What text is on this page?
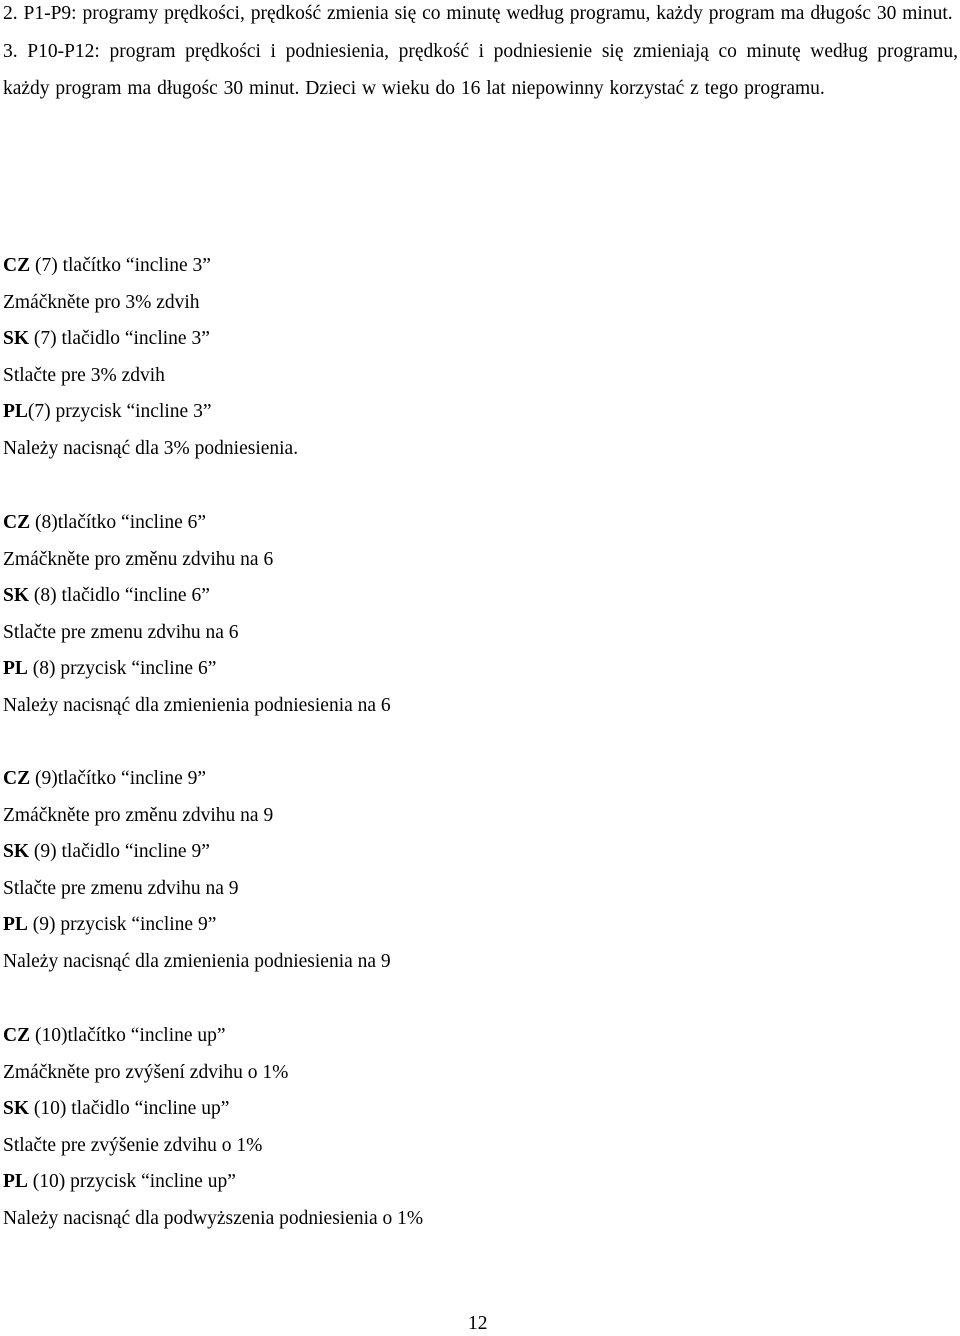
2. P1-P9: programy prędkości, prędkość zmienia się co minutę według programu, każdy program ma długośc 30 minut.

3. P10-P12: program prędkości i podniesienia, prędkość i podniesienie się zmieniają co minutę według programu, każdy program ma długośc 30 minut. Dzieci w wieku do 16 lat niepowinny korzystać z tego programu.

CZ (7) tlačítko “incline 3”
Zmáčkněte pro 3% zdvih
SK (7) tlačidlo “incline 3”
Stlačte pre 3% zdvih
PL(7) przycisk “incline 3”
Należy nacisnąć dla 3% podniesienia.
CZ (8)tlačítko “incline 6”
Zmáčkněte pro změnu zdvihu na 6
SK (8) tlačidlo “incline 6”
Stlačte pre zmenu zdvihu na 6
PL (8) przycisk “incline 6”
Należy nacisnąć dla zmienienia podniesienia na 6
CZ (9)tlačítko “incline 9”
Zmáčkněte pro změnu zdvihu na 9
SK (9) tlačidlo “incline 9”
Stlačte pre zmenu zdvihu na 9
PL (9) przycisk “incline 9”
Należy nacisnąć dla zmienienia podniesienia na 9
CZ (10)tlačítko “incline up”
Zmáčkněte pro zvýšení zdvihu o 1%
SK (10) tlačidlo “incline up”
Stlačte pre zvýšenie zdvihu o 1%
PL (10) przycisk “incline up”
Należy nacisnąć dla podwyższenia podniesienia o 1%
12
